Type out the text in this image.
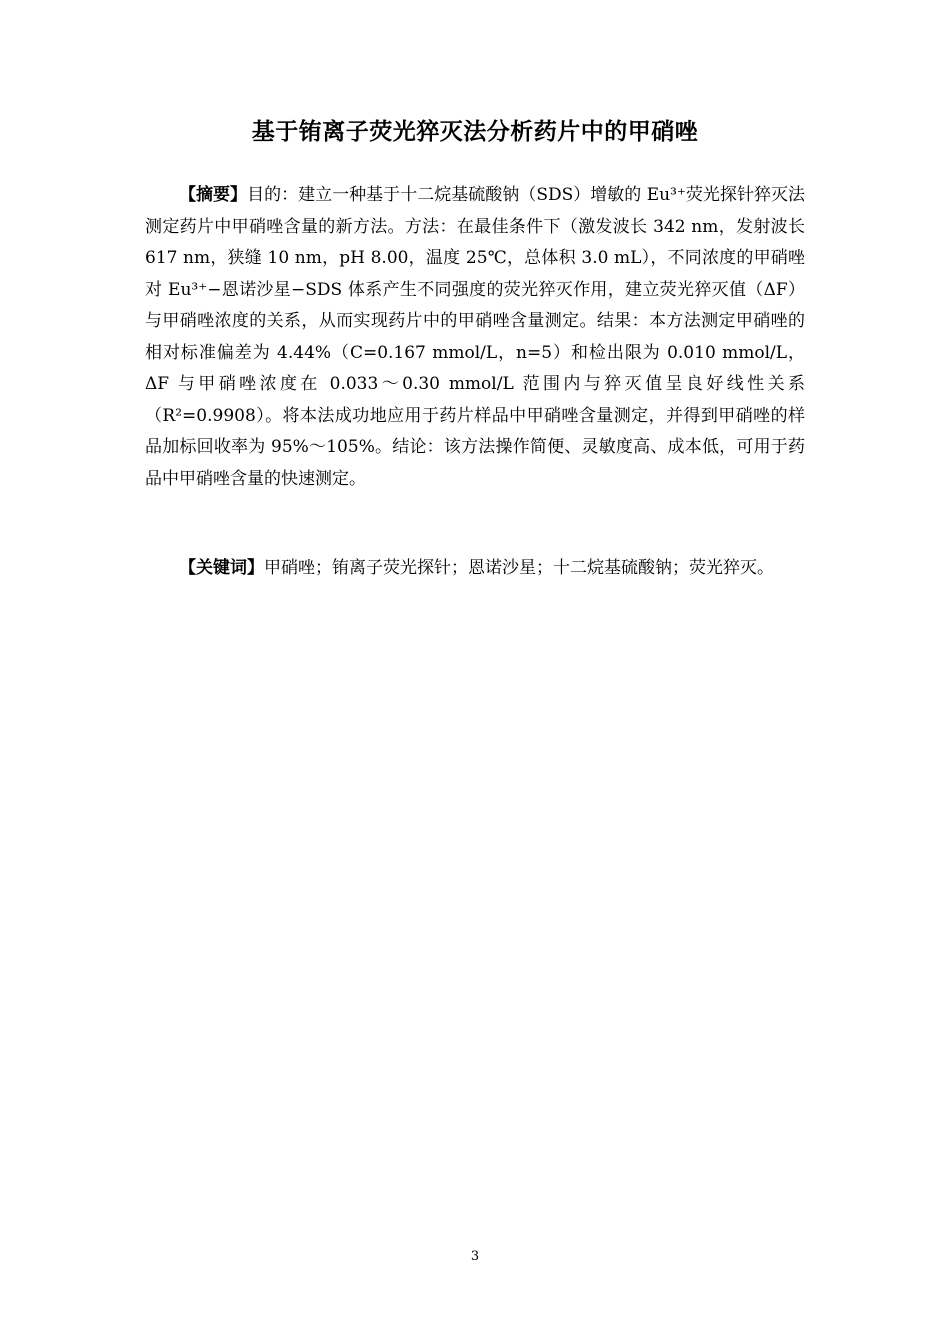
基于铕离子荧光猝灭法分析药片中的甲硝唑

【摘要】目的：建立一种基于十二烷基硫酸钠（SDS）增敏的 Eu³⁺荧光探针猝灭法测定药片中甲硝唑含量的新方法。方法：在最佳条件下（激发波长 342 nm，发射波长 617 nm，狭缝 10 nm，pH 8.00，温度 25℃，总体积 3.0 mL），不同浓度的甲硝唑对 Eu³⁺−恩诺沙星−SDS 体系产生不同强度的荧光猝灭作用，建立荧光猝灭值（ΔF）与甲硝唑浓度的关系，从而实现药片中的甲硝唑含量测定。结果：本方法测定甲硝唑的相对标准偏差为 4.44%（C=0.167 mmol/L，n=5）和检出限为 0.010 mmol/L，ΔF 与甲硝唑浓度在 0.033～0.30 mmol/L 范围内与猝灭值呈良好线性关系（R²=0.9908）。将本法成功地应用于药片样品中甲硝唑含量测定，并得到甲硝唑的样品加标回收率为 95%～105%。结论：该方法操作简便、灵敏度高、成本低，可用于药品中甲硝唑含量的快速测定。

【关键词】甲硝唑；铕离子荧光探针；恩诺沙星；十二烷基硫酸钠；荧光猝灭。

3
